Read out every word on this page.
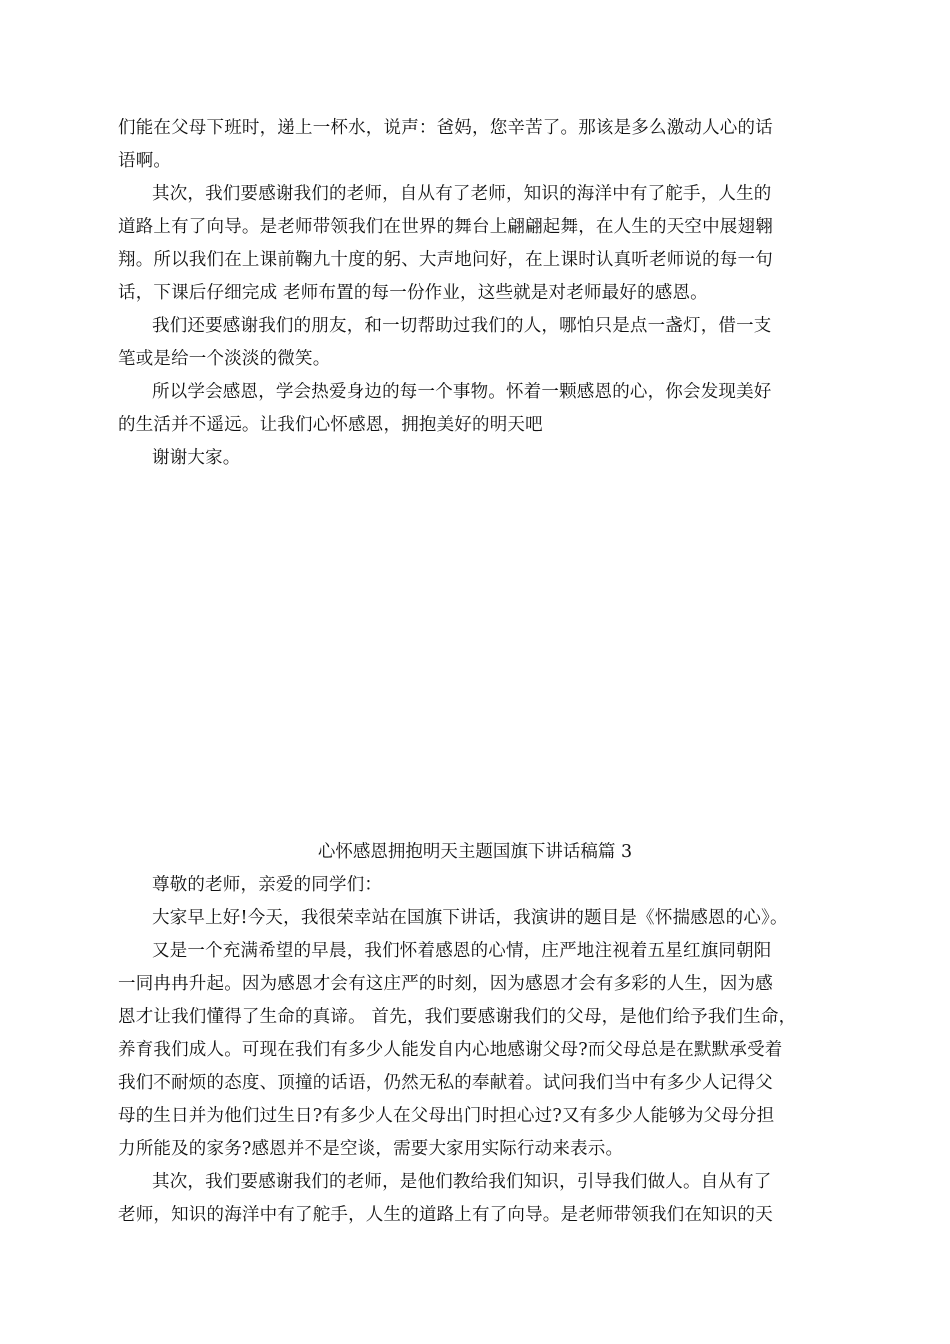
们能在父母下班时，递上一杯水，说声：爸妈，您辛苦了。那该是多么激动人心的话
语啊。
其次，我们要感谢我们的老师，自从有了老师，知识的海洋中有了舵手，人生的
道路上有了向导。是老师带领我们在世界的舞台上翩翩起舞，在人生的天空中展翅翱
翔。所以我们在上课前鞠九十度的躬、大声地问好，在上课时认真听老师说的每一句
话，下课后仔细完成 老师布置的每一份作业，这些就是对老师最好的感恩。
我们还要感谢我们的朋友，和一切帮助过我们的人，哪怕只是点一盏灯，借一支
笔或是给一个淡淡的微笑。
所以学会感恩，学会热爱身边的每一个事物。怀着一颗感恩的心，你会发现美好
的生活并不遥远。让我们心怀感恩，拥抱美好的明天吧
谢谢大家。
心怀感恩拥抱明天主题国旗下讲话稿篇 3
尊敬的老师，亲爱的同学们：
大家早上好!今天，我很荣幸站在国旗下讲话，我演讲的题目是《怀揣感恩的心》。
又是一个充满希望的早晨，我们怀着感恩的心情，庄严地注视着五星红旗同朝阳
一同冉冉升起。因为感恩才会有这庄严的时刻，因为感恩才会有多彩的人生，因为感
恩才让我们懂得了生命的真谛。 首先，我们要感谢我们的父母，是他们给予我们生命，
养育我们成人。可现在我们有多少人能发自内心地感谢父母?而父母总是在默默承受着
我们不耐烦的态度、顶撞的话语，仍然无私的奉献着。试问我们当中有多少人记得父
母的生日并为他们过生日?有多少人在父母出门时担心过?又有多少人能够为父母分担
力所能及的家务?感恩并不是空谈，需要大家用实际行动来表示。
其次，我们要感谢我们的老师，是他们教给我们知识，引导我们做人。自从有了
老师，知识的海洋中有了舵手，人生的道路上有了向导。是老师带领我们在知识的天
